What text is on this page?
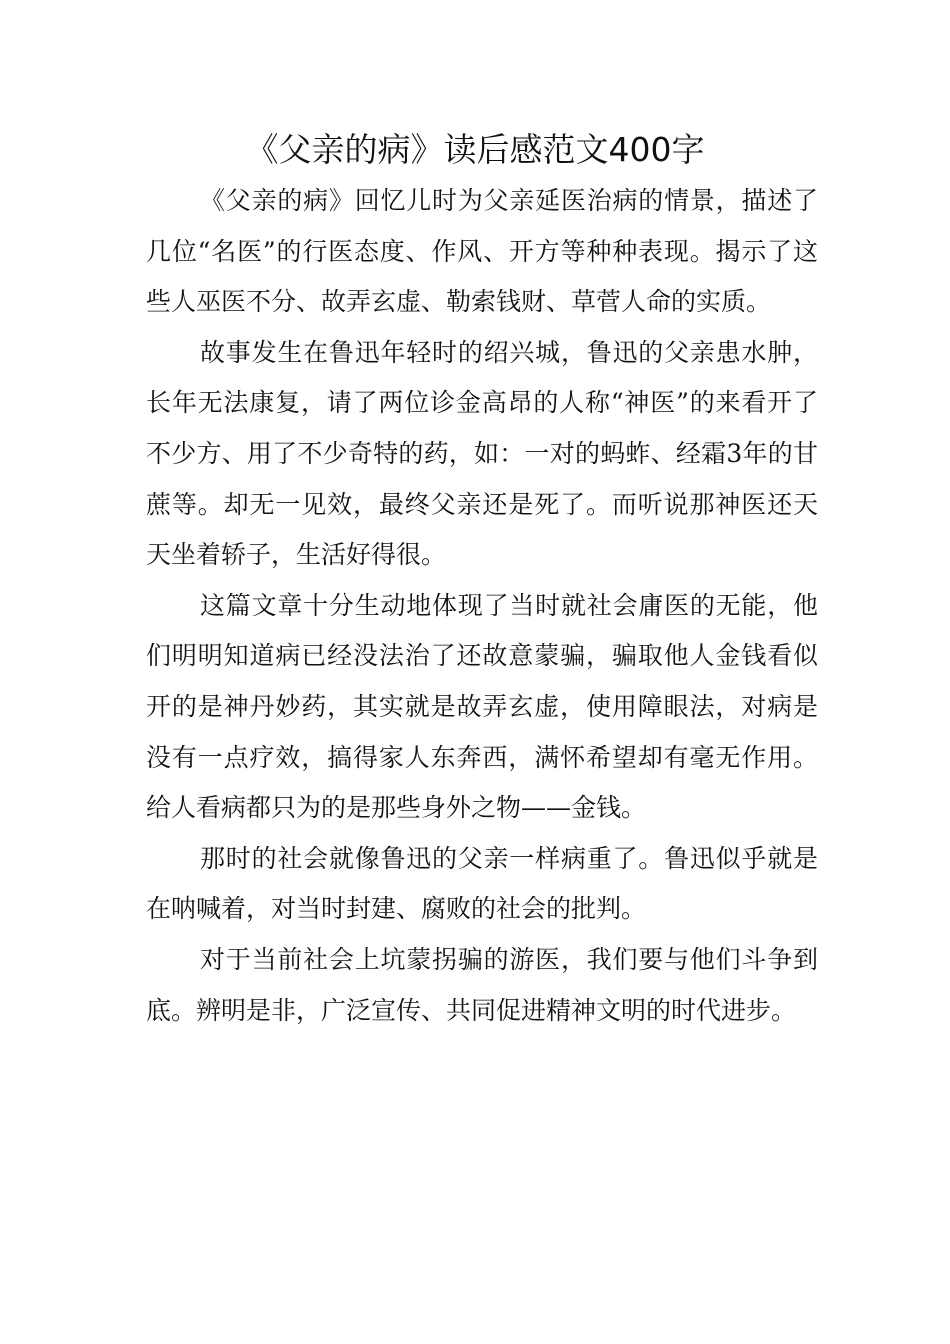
《父亲的病》读后感范文400字

《父亲的病》回忆儿时为父亲延医治病的情景，描述了几位“名医”的行医态度、作风、开方等种种表现。揭示了这些人巫医不分、故弄玄虚、勒索钱财、草菅人命的实质。

故事发生在鲁迅年轻时的绍兴城，鲁迅的父亲患水肿，长年无法康复，请了两位诊金高昂的人称“神医”的来看开了不少方、用了不少奇特的药，如：一对的蚂蚱、经霜3年的甘蔗等。却无一见效，最终父亲还是死了。而听说那神医还天天坐着轿子，生活好得很。

这篇文章十分生动地体现了当时就社会庸医的无能，他们明明知道病已经没法治了还故意蒙骗，骗取他人金钱看似开的是神丹妙药，其实就是故弄玄虚，使用障眼法，对病是没有一点疗效，搞得家人东奔西，满怀希望却有毫无作用。给人看病都只为的是那些身外之物——金钱。

那时的社会就像鲁迅的父亲一样病重了。鲁迅似乎就是在呐喊着，对当时封建、腐败的社会的批判。

对于当前社会上坑蒙拐骗的游医，我们要与他们斗争到底。辨明是非，广泛宣传、共同促进精神文明的时代进步。
